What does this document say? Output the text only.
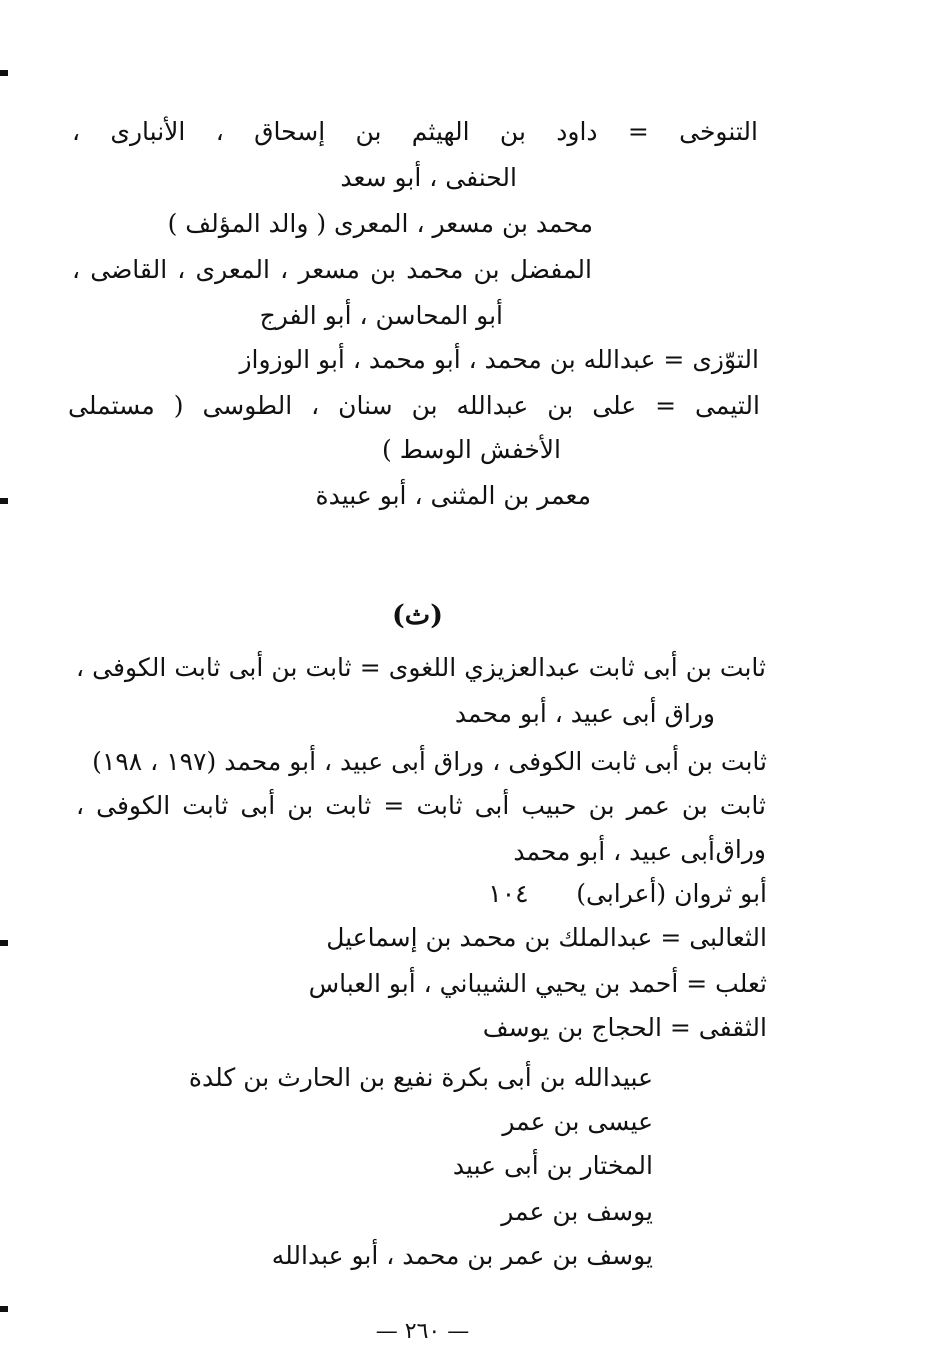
التنوخى = داود بن الهيثم بن إسحاق ، الأنبارى ،
الحنفى ، أبو سعد
محمد بن مسعر ، المعرى ( والد المؤلف )
المفضل بن محمد بن مسعر ، المعرى ، القاضى ،
أبو المحاسن ، أبو الفرج
التوّزى = عبدالله بن محمد ، أبو محمد ، أبو الوزواز
التيمى = على بن عبدالله بن سنان ، الطوسى ( مستملى
الأخفش الوسط )
معمر بن المثنى ، أبو عبيدة
(ث)
ثابت بن أبى ثابت عبدالعزيزي اللغوى = ثابت بن أبى ثابت الكوفى ،
وراق أبى عبيد ، أبو محمد
ثابت بن أبى ثابت الكوفى ، وراق أبى عبيد ، أبو محمد (١٩٧ ، ١٩٨)
ثابت بن عمر بن حبيب أبى ثابت = ثابت بن أبى ثابت الكوفى ، وراق
أبى عبيد ، أبو محمد
أبو ثروان (أعرابى)      ١٠٤
الثعالبى = عبدالملك بن محمد بن إسماعيل
ثعلب = أحمد بن يحيي الشيباني ، أبو العباس
الثقفى = الحجاج بن يوسف
عبيدالله بن أبى بكرة نفيع بن الحارث بن كلدة
عيسى بن عمر
المختار بن أبى عبيد
يوسف بن عمر
يوسف بن عمر بن محمد ، أبو عبدالله
— ٢٦٠ —
